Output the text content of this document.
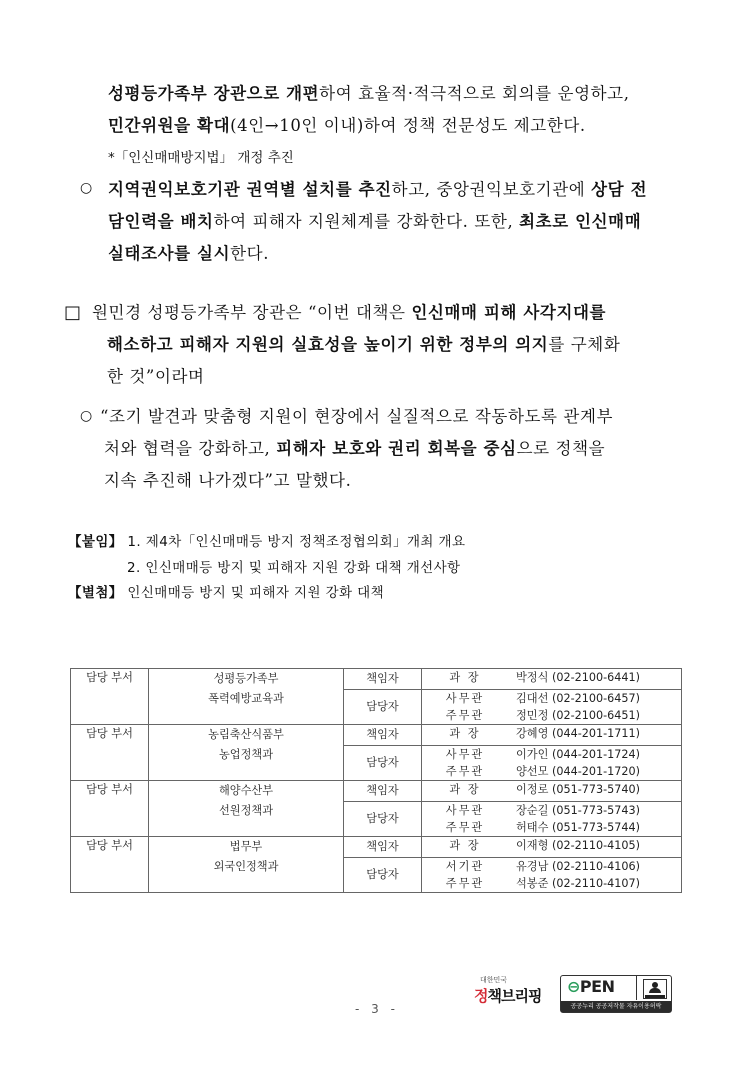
성평등가족부 장관으로 개편하여 효율적·적극적으로 회의를 운영하고,
민간위원을 확대(4인→10인 이내)하여 정책 전문성도 제고한다.
*「인신매매방지법」 개정 추진
○ 지역권익보호기관 권역별 설치를 추진하고, 중앙권익보호기관에 상담 전
담인력을 배치하여 피해자 지원체계를 강화한다. 또한, 최초로 인신매매
실태조사를 실시한다.
□ 원민경 성평등가족부 장관은 “이번 대책은 인신매매 피해 사각지대를
해소하고 피해자 지원의 실효성을 높이기 위한 정부의 의지를 구체화
한 것”이라며
○ “조기 발견과 맞춤형 지원이 현장에서 실질적으로 작동하도록 관계부
처와 협력을 강화하고, 피해자 보호와 권리 회복을 중심으로 정책을
지속 추진해 나가겠다”고 말했다.
【붙임】 1. 제4차「인신매매등 방지 정책조정협의회」개최 개요
2. 인신매매등 방지 및 피해자 지원 강화 대책 개선사항
【별첨】 인신매매등 방지 및 피해자 지원 강화 대책
담당 부서	성평등가족부
폭력예방교육과
	책임자	과 장	박정식 (02-2100-6441)

		담당자	사무관 김대선 (02-2100-6457)
주무관 정민정 (02-2100-6451)

담당 부서	농림축산식품부
농업정책과
	책임자	과 장	강혜영 (044-201-1711)

		담당자	사무관 이가인 (044-201-1724)
주무관 양선모 (044-201-1720)

담당 부서	해양수산부
선원정책과
	책임자	과 장	이정로 (051-773-5740)

		담당자	사무관 장순길 (051-773-5743)
주무관 허태수 (051-773-5744)

담당 부서	법무부
외국인정책과
	책임자	과 장	이재형 (02-2110-4105)

		담당자	서기관 유경남 (02-2110-4106)
주무관 석봉준 (02-2110-4107)
- 3 -
대한민국
정책브리핑	⊖PEN
공공누리 공공저작물 자유이용허락
